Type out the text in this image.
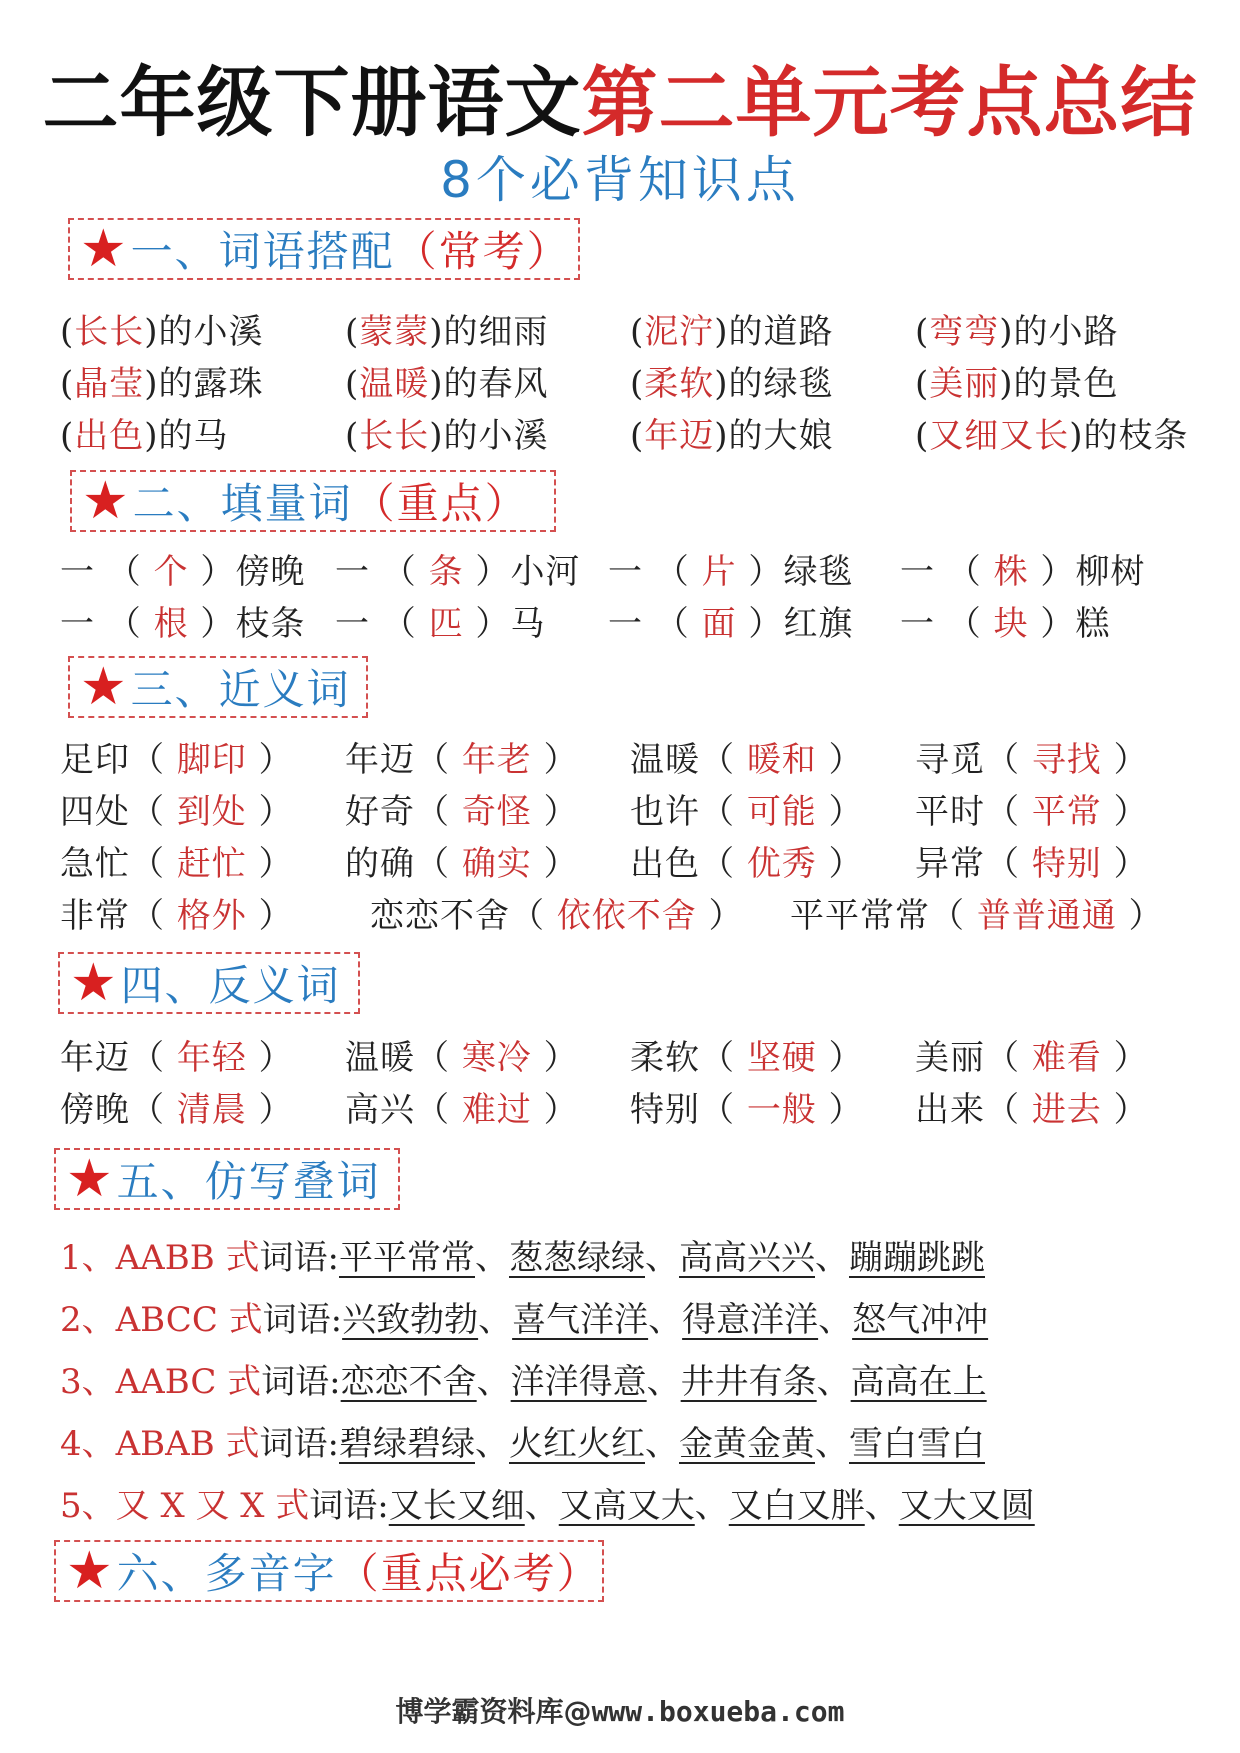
二年级下册语文第二单元考点总结
8个必背知识点
★ 一、词语搭配 （常考）
(长长)的小溪 (蒙蒙)的细雨 (泥泞)的道路 (弯弯)的小路
(晶莹)的露珠 (温暖)的春风 (柔软)的绿毯 (美丽)的景色
(出色)的马	(长长)的小溪 (年迈)的大娘 (又细又长)的枝条
★ 二、填量词 （重点）
一 （ 个 ）傍晚 一 （ 条 ）小河 一 （ 片 ）绿毯 一 （ 株 ）柳树
一 （ 根 ）枝条 一 （ 匹 ）马 一 （ 面 ）红旗 一 （ 块 ）糕
★ 三、近义词
足印（ 脚印 ） 年迈（ 年老 ） 温暖（ 暖和 ） 寻觅（ 寻找 ）
四处（ 到处 ） 好奇（ 奇怪 ） 也许（ 可能 ） 平时（ 平常 ）
急忙（ 赶忙 ） 的确（ 确实 ） 出色（ 优秀 ） 异常（ 特别 ）
非常（ 格外 ） 恋恋不舍（ 依依不舍 ） 平平常常（ 普普通通 ）
★ 四、反义词
年迈（ 年轻 ） 温暖（ 寒冷 ） 柔软（ 坚硬 ） 美丽（ 难看 ）
傍晚（ 清晨 ） 高兴（ 难过 ） 特别（ 一般 ） 出来（ 进去 ）
★ 五、仿写叠词
1、AABB 式词语:平平常常、葱葱绿绿、高高兴兴、蹦蹦跳跳
2、ABCC 式词语:兴致勃勃、喜气洋洋、得意洋洋、怒气冲冲
3、AABC 式词语:恋恋不舍、洋洋得意、井井有条、高高在上
4、ABAB 式词语:碧绿碧绿、火红火红、金黄金黄、雪白雪白
5、又 X 又 X 式词语:又长又细、又高又大、又白又胖、又大又圆
★ 六、多音字 （重点必考）
博学霸资料库@www.boxueba.com
